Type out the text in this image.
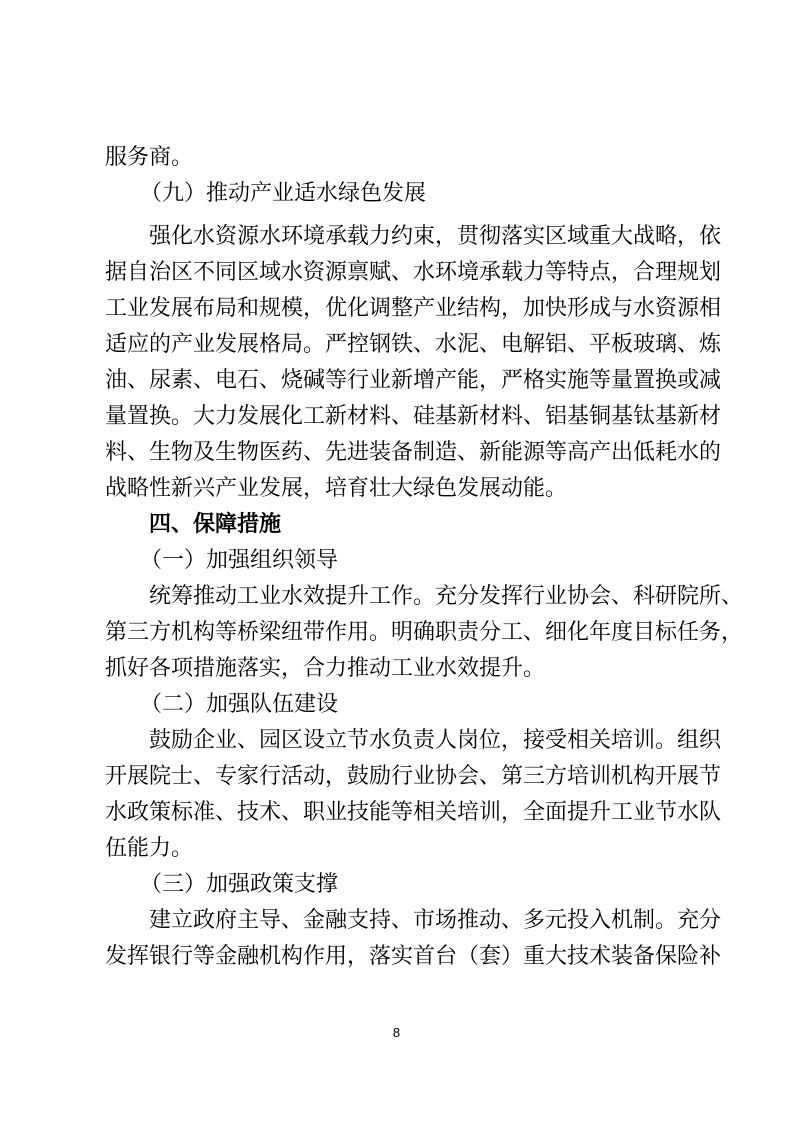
服务商。
（九）推动产业适水绿色发展
强化水资源水环境承载力约束，贯彻落实区域重大战略，依
据自治区不同区域水资源禀赋、水环境承载力等特点，合理规划
工业发展布局和规模，优化调整产业结构，加快形成与水资源相
适应的产业发展格局。严控钢铁、水泥、电解铝、平板玻璃、炼
油、尿素、电石、烧碱等行业新增产能，严格实施等量置换或减
量置换。大力发展化工新材料、硅基新材料、铝基铜基钛基新材
料、生物及生物医药、先进装备制造、新能源等高产出低耗水的
战略性新兴产业发展，培育壮大绿色发展动能。
四、保障措施
（一）加强组织领导
统筹推动工业水效提升工作。充分发挥行业协会、科研院所、
第三方机构等桥梁纽带作用。明确职责分工、细化年度目标任务，
抓好各项措施落实，合力推动工业水效提升。
（二）加强队伍建设
鼓励企业、园区设立节水负责人岗位，接受相关培训。组织
开展院士、专家行活动，鼓励行业协会、第三方培训机构开展节
水政策标准、技术、职业技能等相关培训，全面提升工业节水队
伍能力。
（三）加强政策支撑
建立政府主导、金融支持、市场推动、多元投入机制。充分
发挥银行等金融机构作用，落实首台（套）重大技术装备保险补
8
